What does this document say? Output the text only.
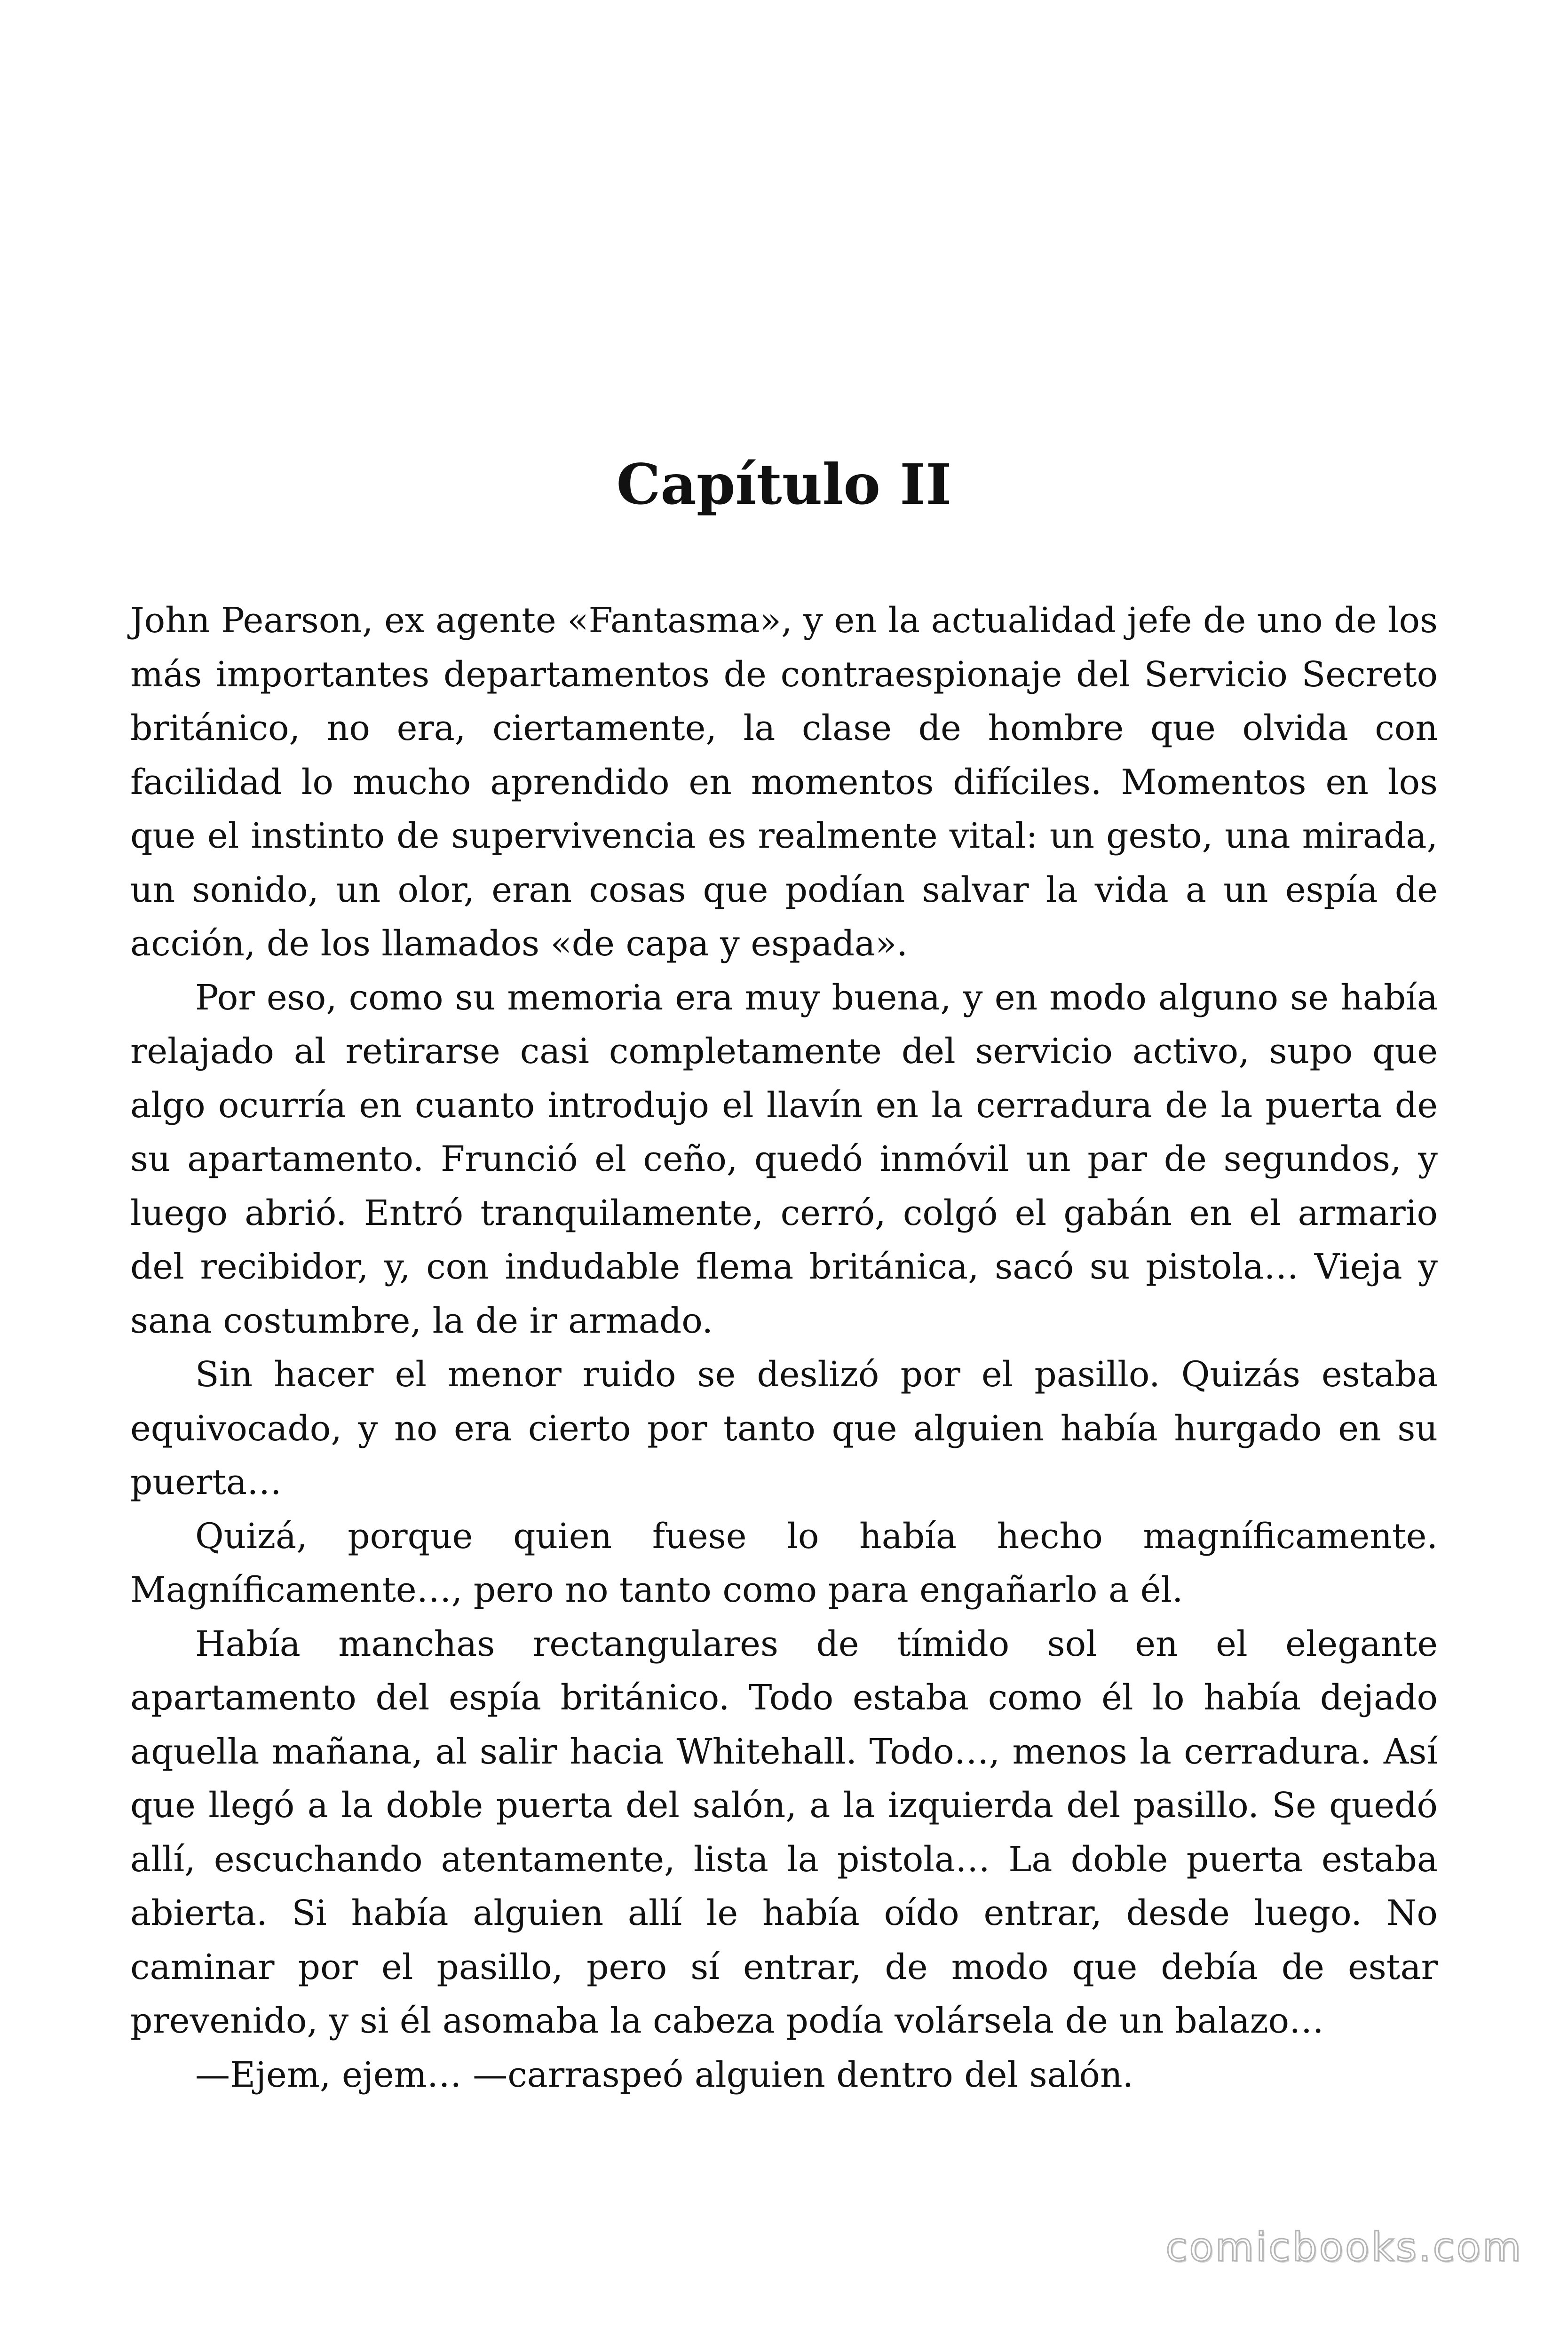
Capítulo II

John Pearson, ex agente «Fantasma», y en la actualidad jefe de uno de los más importantes departamentos de contraespionaje del Servicio Secreto británico, no era, ciertamente, la clase de hombre que olvida con facilidad lo mucho aprendido en momentos difíciles. Momentos en los que el instinto de supervivencia es realmente vital: un gesto, una mirada, un sonido, un olor, eran cosas que podían salvar la vida a un espía de acción, de los llamados «de capa y espada».

Por eso, como su memoria era muy buena, y en modo alguno se había relajado al retirarse casi completamente del servicio activo, supo que algo ocurría en cuanto introdujo el llavín en la cerradura de la puerta de su apartamento. Frunció el ceño, quedó inmóvil un par de segundos, y luego abrió. Entró tranquilamente, cerró, colgó el gabán en el armario del recibidor, y, con indudable flema británica, sacó su pistola… Vieja y sana costumbre, la de ir armado.

Sin hacer el menor ruido se deslizó por el pasillo. Quizás estaba equivocado, y no era cierto por tanto que alguien había hurgado en su puerta…

Quizá, porque quien fuese lo había hecho magníficamente. Magníficamente…, pero no tanto como para engañarlo a él.

Había manchas rectangulares de tímido sol en el elegante apartamento del espía británico. Todo estaba como él lo había dejado aquella mañana, al salir hacia Whitehall. Todo…, menos la cerradura. Así que llegó a la doble puerta del salón, a la izquierda del pasillo. Se quedó allí, escuchando atentamente, lista la pistola… La doble puerta estaba abierta. Si había alguien allí le había oído entrar, desde luego. No caminar por el pasillo, pero sí entrar, de modo que debía de estar prevenido, y si él asomaba la cabeza podía volársela de un balazo…

—Ejem, ejem… —carraspeó alguien dentro del salón.

comicbooks.com
